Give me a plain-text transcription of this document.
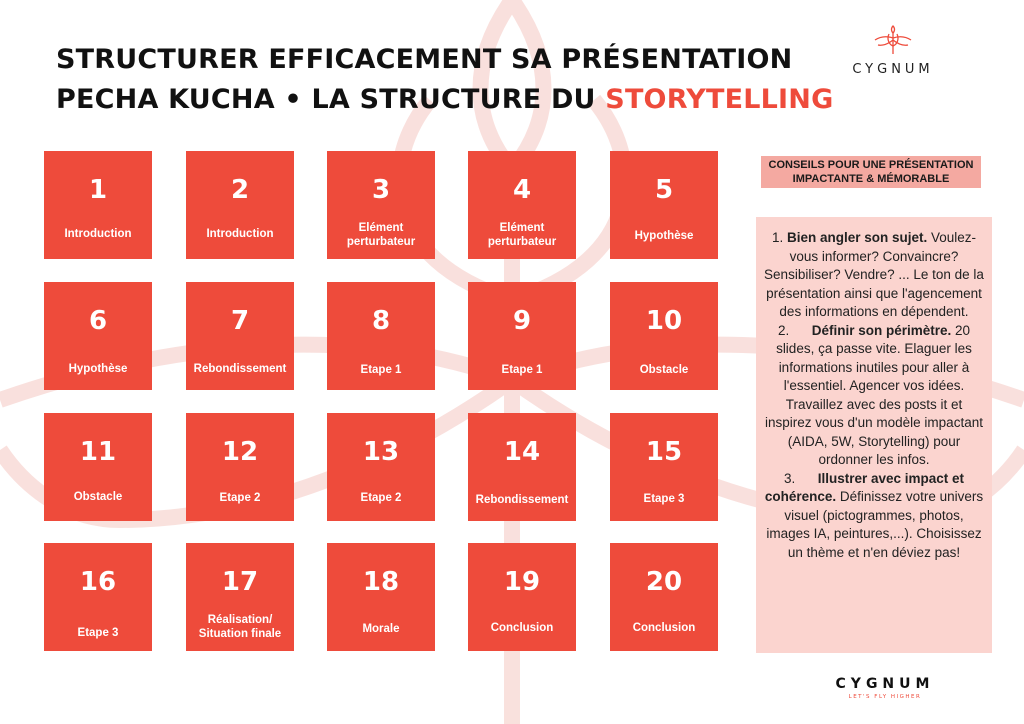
STRUCTURER EFFICACEMENT SA PRÉSENTATION
PECHA KUCHA • LA STRUCTURE DU STORYTELLING
CYGNUM
1
Introduction
2
Introduction
3
Elément perturbateur
4
Elément perturbateur
5
Hypothèse
6
Hypothèse
7
Rebondissement
8
Etape 1
9
Etape 1
10
Obstacle
11
Obstacle
12
Etape 2
13
Etape 2
14
Rebondissement
15
Etape 3
16
Etape 3
17
Réalisation/ Situation finale
18
Morale
19
Conclusion
20
Conclusion
CONSEILS POUR UNE PRÉSENTATION IMPACTANTE & MÉMORABLE

1. Bien angler son sujet. Voulez-vous informer? Convaincre? Sensibiliser? Vendre? ... Le ton de la présentation ainsi que l'agencement des informations en dépendent.

2. Définir son périmètre. 20 slides, ça passe vite. Elaguer les informations inutiles pour aller à l'essentiel. Agencer vos idées. Travaillez avec des posts it et inspirez vous d'un modèle impactant (AIDA, 5W, Storytelling) pour ordonner les infos.

3. Illustrer avec impact et cohérence. Définissez votre univers visuel (pictogrammes, photos, images IA, peintures,...). Choisissez un thème et n'en déviez pas!

CYGNUM
LET'S FLY HIGHER
